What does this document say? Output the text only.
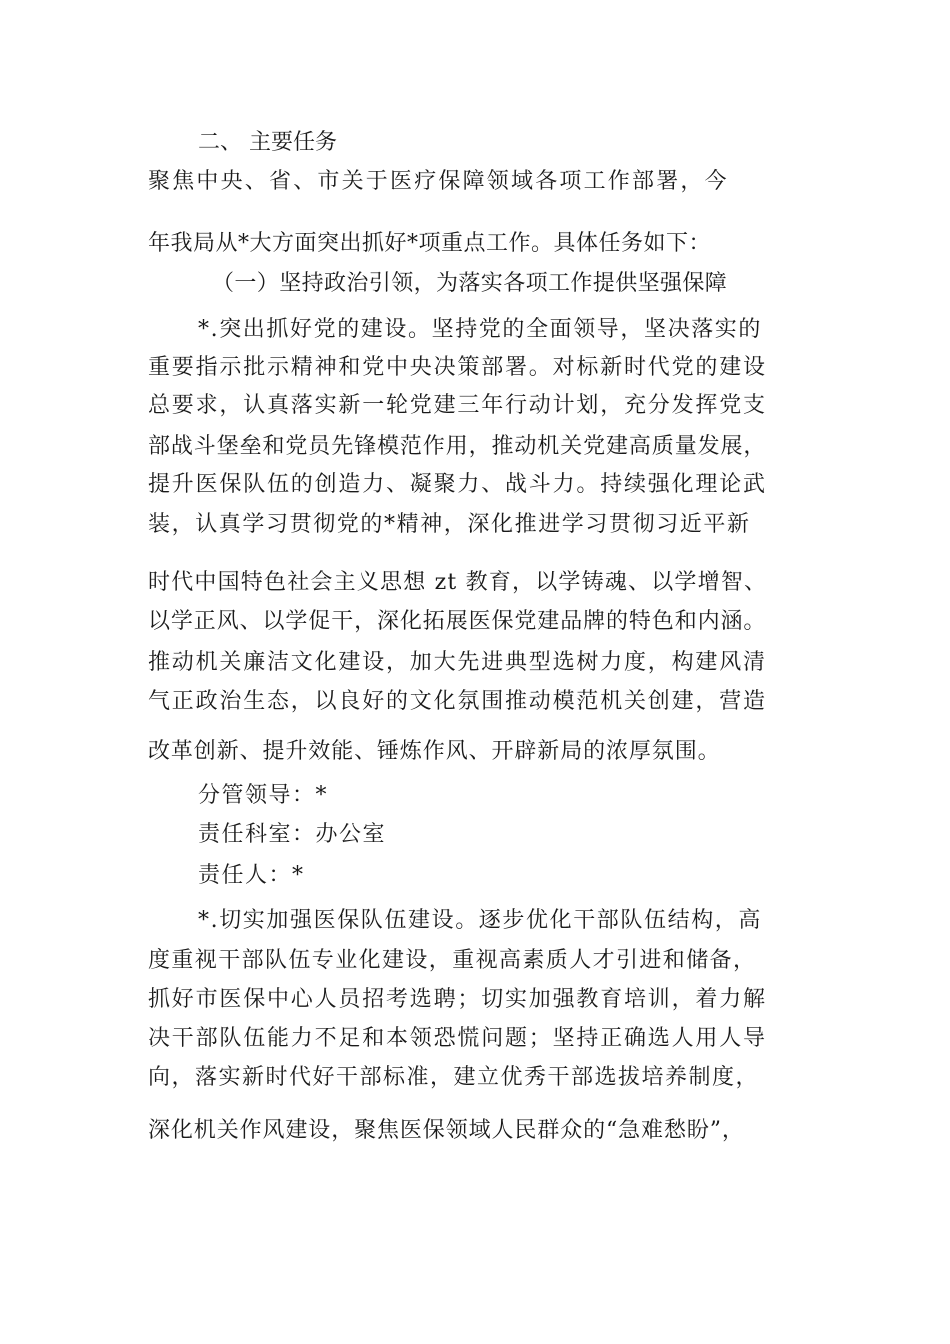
二、 主要任务
聚焦中央、省、市关于医疗保障领域各项工作部署，今
年我局从*大方面突出抓好*项重点工作。具体任务如下：
（一）坚持政治引领，为落实各项工作提供坚强保障
*.突出抓好党的建设。坚持党的全面领导，坚决落实的
重要指示批示精神和党中央决策部署。对标新时代党的建设
总要求，认真落实新一轮党建三年行动计划，充分发挥党支
部战斗堡垒和党员先锋模范作用，推动机关党建高质量发展，
提升医保队伍的创造力、凝聚力、战斗力。持续强化理论武
装，认真学习贯彻党的*精神，深化推进学习贯彻习近平新
时代中国特色社会主义思想 zt 教育，以学铸魂、以学增智、
以学正风、以学促干，深化拓展医保党建品牌的特色和内涵。
推动机关廉洁文化建设，加大先进典型选树力度，构建风清
气正政治生态，以良好的文化氛围推动模范机关创建，营造
改革创新、提升效能、锤炼作风、开辟新局的浓厚氛围。
分管领导：*
责任科室：办公室
责任人：*
*.切实加强医保队伍建设。逐步优化干部队伍结构，高
度重视干部队伍专业化建设，重视高素质人才引进和储备，
抓好市医保中心人员招考选聘；切实加强教育培训，着力解
决干部队伍能力不足和本领恐慌问题；坚持正确选人用人导
向，落实新时代好干部标准，建立优秀干部选拔培养制度，
深化机关作风建设，聚焦医保领域人民群众的“急难愁盼”，
